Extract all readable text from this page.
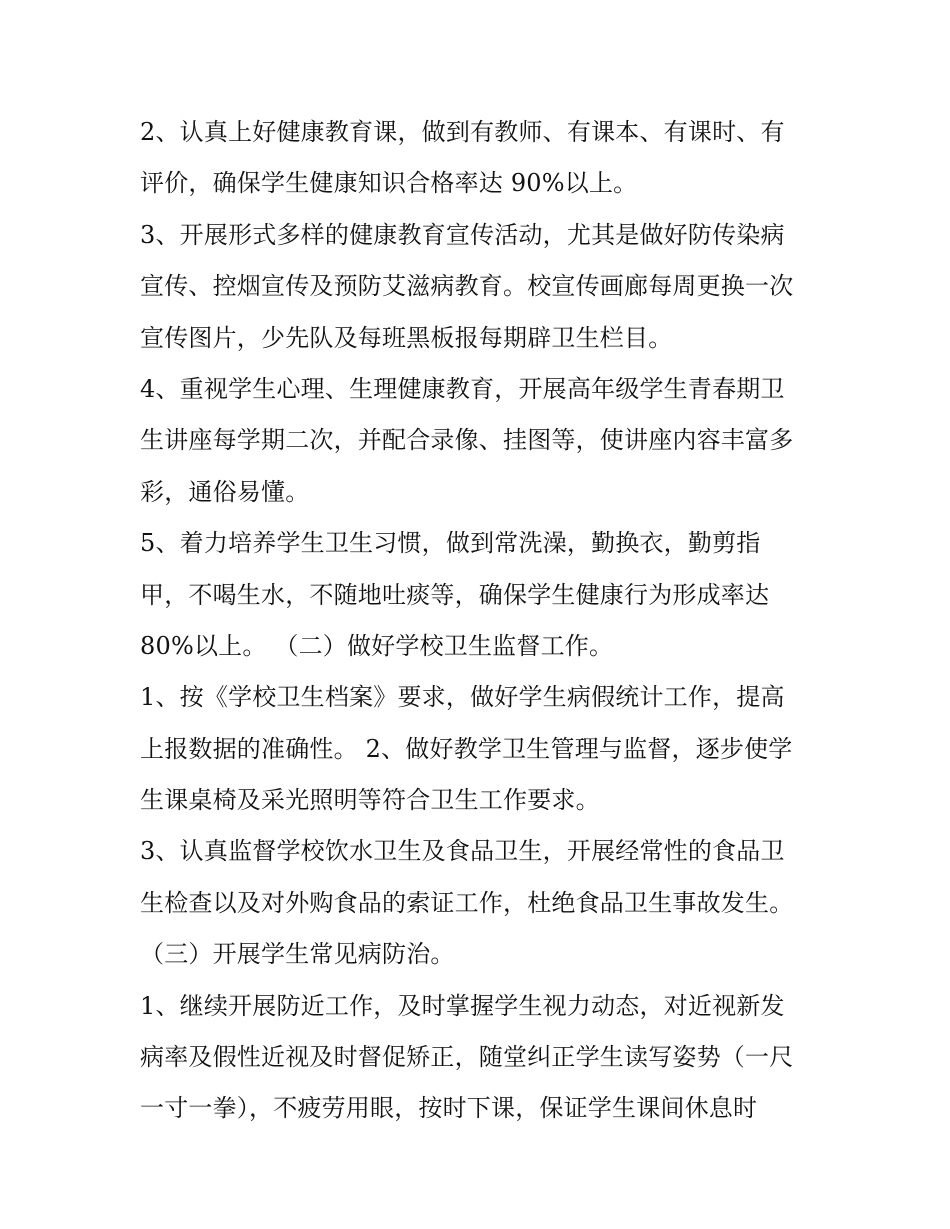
2、认真上好健康教育课，做到有教师、有课本、有课时、有
评价，确保学生健康知识合格率达 90%以上。
3、开展形式多样的健康教育宣传活动，尤其是做好防传染病
宣传、控烟宣传及预防艾滋病教育。校宣传画廊每周更换一次
宣传图片，少先队及每班黑板报每期辟卫生栏目。
4、重视学生心理、生理健康教育，开展高年级学生青春期卫
生讲座每学期二次，并配合录像、挂图等，使讲座内容丰富多
彩，通俗易懂。
5、着力培养学生卫生习惯，做到常洗澡，勤换衣，勤剪指
甲，不喝生水，不随地吐痰等，确保学生健康行为形成率达
80%以上。 （二）做好学校卫生监督工作。
1、按《学校卫生档案》要求，做好学生病假统计工作，提高
上报数据的准确性。 2、做好教学卫生管理与监督，逐步使学
生课桌椅及采光照明等符合卫生工作要求。
3、认真监督学校饮水卫生及食品卫生，开展经常性的食品卫
生检查以及对外购食品的索证工作，杜绝食品卫生事故发生。
（三）开展学生常见病防治。
1、继续开展防近工作，及时掌握学生视力动态，对近视新发
病率及假性近视及时督促矫正，随堂纠正学生读写姿势（一尺
一寸一拳），不疲劳用眼，按时下课，保证学生课间休息时
